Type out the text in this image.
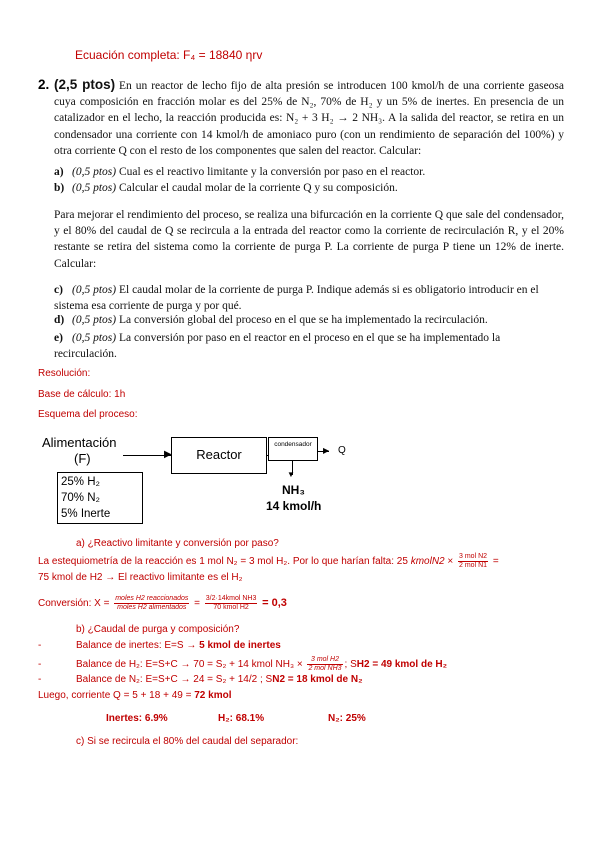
Ecuación completa: F₄ = 18840 ηrv
2. (2,5 ptos) En un reactor de lecho fijo de alta presión se introducen 100 kmol/h de una corriente gaseosa cuya composición en fracción molar es del 25% de N₂, 70% de H₂ y un 5% de inertes. En presencia de un catalizador en el lecho, la reacción producida es: N₂ + 3 H₂ → 2 NH₃. A la salida del reactor, se retira en un condensador una corriente con 14 kmol/h de amoniaco puro (con un rendimiento de separación del 100%) y otra corriente Q con el resto de los componentes que salen del reactor. Calcular:
a) (0,5 ptos) Cual es el reactivo limitante y la conversión por paso en el reactor.
b) (0,5 ptos) Calcular el caudal molar de la corriente Q y su composición.
Para mejorar el rendimiento del proceso, se realiza una bifurcación en la corriente Q que sale del condensador, y el 80% del caudal de Q se recircula a la entrada del reactor como la corriente de recirculación R, y el 20% restante se retira del sistema como la corriente de purga P. La corriente de purga P tiene un 12% de inerte. Calcular:
c) (0,5 ptos) El caudal molar de la corriente de purga P. Indique además si es obligatorio introducir en el sistema esa corriente de purga y por qué.
d) (0,5 ptos) La conversión global del proceso en el que se ha implementado la recirculación.
e) (0,5 ptos) La conversión por paso en el reactor en el proceso en el que se ha implementado la recirculación.
Resolución:
Base de cálculo: 1h
Esquema del proceso:
Alimentación
(F)	▶	Reactor
condensador
▶ Q
▼
NH₃
14 kmol/h
25% H₂
70% N₂
5% Inerte
a) ¿Reactivo limitante y conversión por paso?
La estequiometría de la reacción es 1 mol N₂ = 3 mol H₂. Por lo que harían falta: 25 kmolN2 × $\frac{\text{3 mol N2}}{\text{2 mol N1}}$ =
75 kmol de H2 → El reactivo limitante es el H₂
Conversión: $X = \frac{\text{moles H2 reaccionados}}{\text{moles H2 alimentados}} = \frac{\text{3/2·14kmol NH3}}{\text{70 kmol H2}} = 0,3$
b) ¿Caudal de purga y composición?
-	Balance de inertes: E=S → 5 kmol de inertes
-	Balance de H₂: E=S+C → 70 = S₂ + 14 kmol $NH_3 \times \frac{\text{3 mol H2}}{\text{2 mol NH3}}$ ; SH2 = 49 kmol de H₂
-	Balance de N₂: E=S+C → 24 = S₂ + 14/2 ; SN2 = 18 kmol de N₂
Luego, corriente Q = 5 + 18 + 49 = 72 kmol
Inertes: 6.9%	H₂: 68.1%	N₂: 25%
c) Si se recircula el 80% del caudal del separador:
